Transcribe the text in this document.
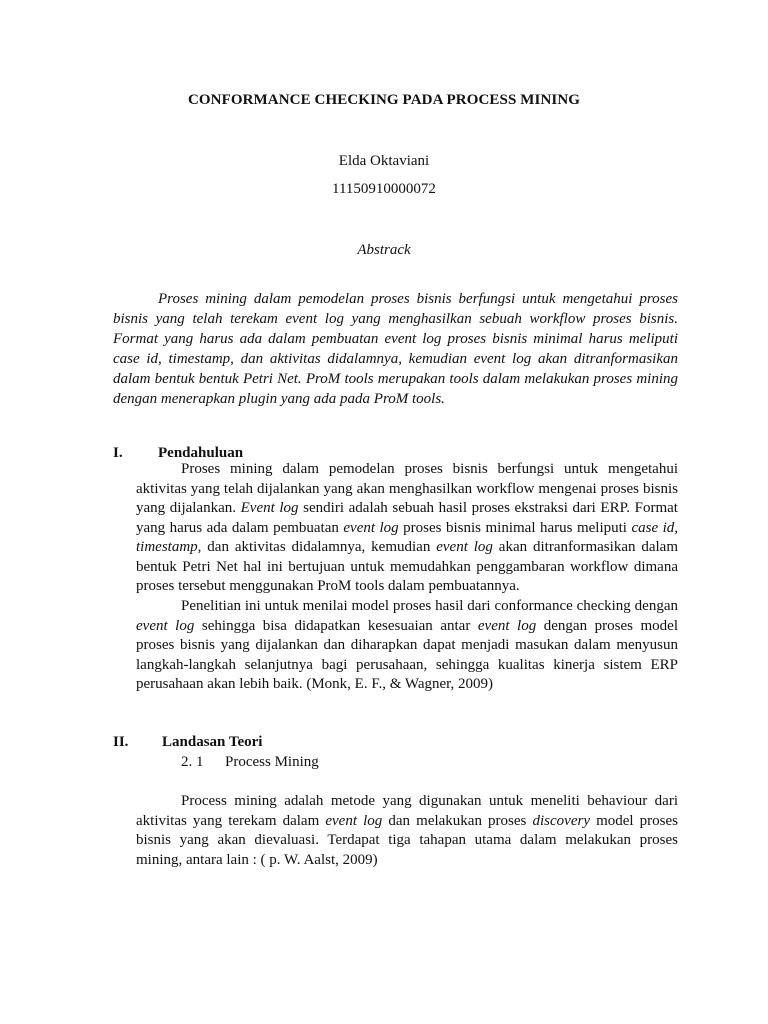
CONFORMANCE CHECKING PADA PROCESS MINING
Elda Oktaviani
11150910000072
Abstrack
Proses mining dalam pemodelan proses bisnis berfungsi untuk mengetahui proses bisnis yang telah terekam event log yang menghasilkan sebuah workflow proses bisnis. Format yang harus ada dalam pembuatan event log proses bisnis minimal harus meliputi case id, timestamp, dan aktivitas didalamnya, kemudian event log akan ditranformasikan dalam bentuk bentuk Petri Net. ProM tools merupakan tools dalam melakukan proses mining dengan menerapkan plugin yang ada pada ProM tools.
I. Pendahuluan
Proses mining dalam pemodelan proses bisnis berfungsi untuk mengetahui aktivitas yang telah dijalankan yang akan menghasilkan workflow mengenai proses bisnis yang dijalankan. Event log sendiri adalah sebuah hasil proses ekstraksi dari ERP. Format yang harus ada dalam pembuatan event log proses bisnis minimal harus meliputi case id, timestamp, dan aktivitas didalamnya, kemudian event log akan ditranformasikan dalam bentuk Petri Net hal ini bertujuan untuk memudahkan penggambaran workflow dimana proses tersebut menggunakan ProM tools dalam pembuatannya.
Penelitian ini untuk menilai model proses hasil dari conformance checking dengan event log sehingga bisa didapatkan kesesuaian antar event log dengan proses model proses bisnis yang dijalankan dan diharapkan dapat menjadi masukan dalam menyusun langkah-langkah selanjutnya bagi perusahaan, sehingga kualitas kinerja sistem ERP perusahaan akan lebih baik. (Monk, E. F., & Wagner, 2009)
II. Landasan Teori
2. 1 Process Mining
Process mining adalah metode yang digunakan untuk meneliti behaviour dari aktivitas yang terekam dalam event log dan melakukan proses discovery model proses bisnis yang akan dievaluasi. Terdapat tiga tahapan utama dalam melakukan proses mining, antara lain : ( p. W. Aalst, 2009)
